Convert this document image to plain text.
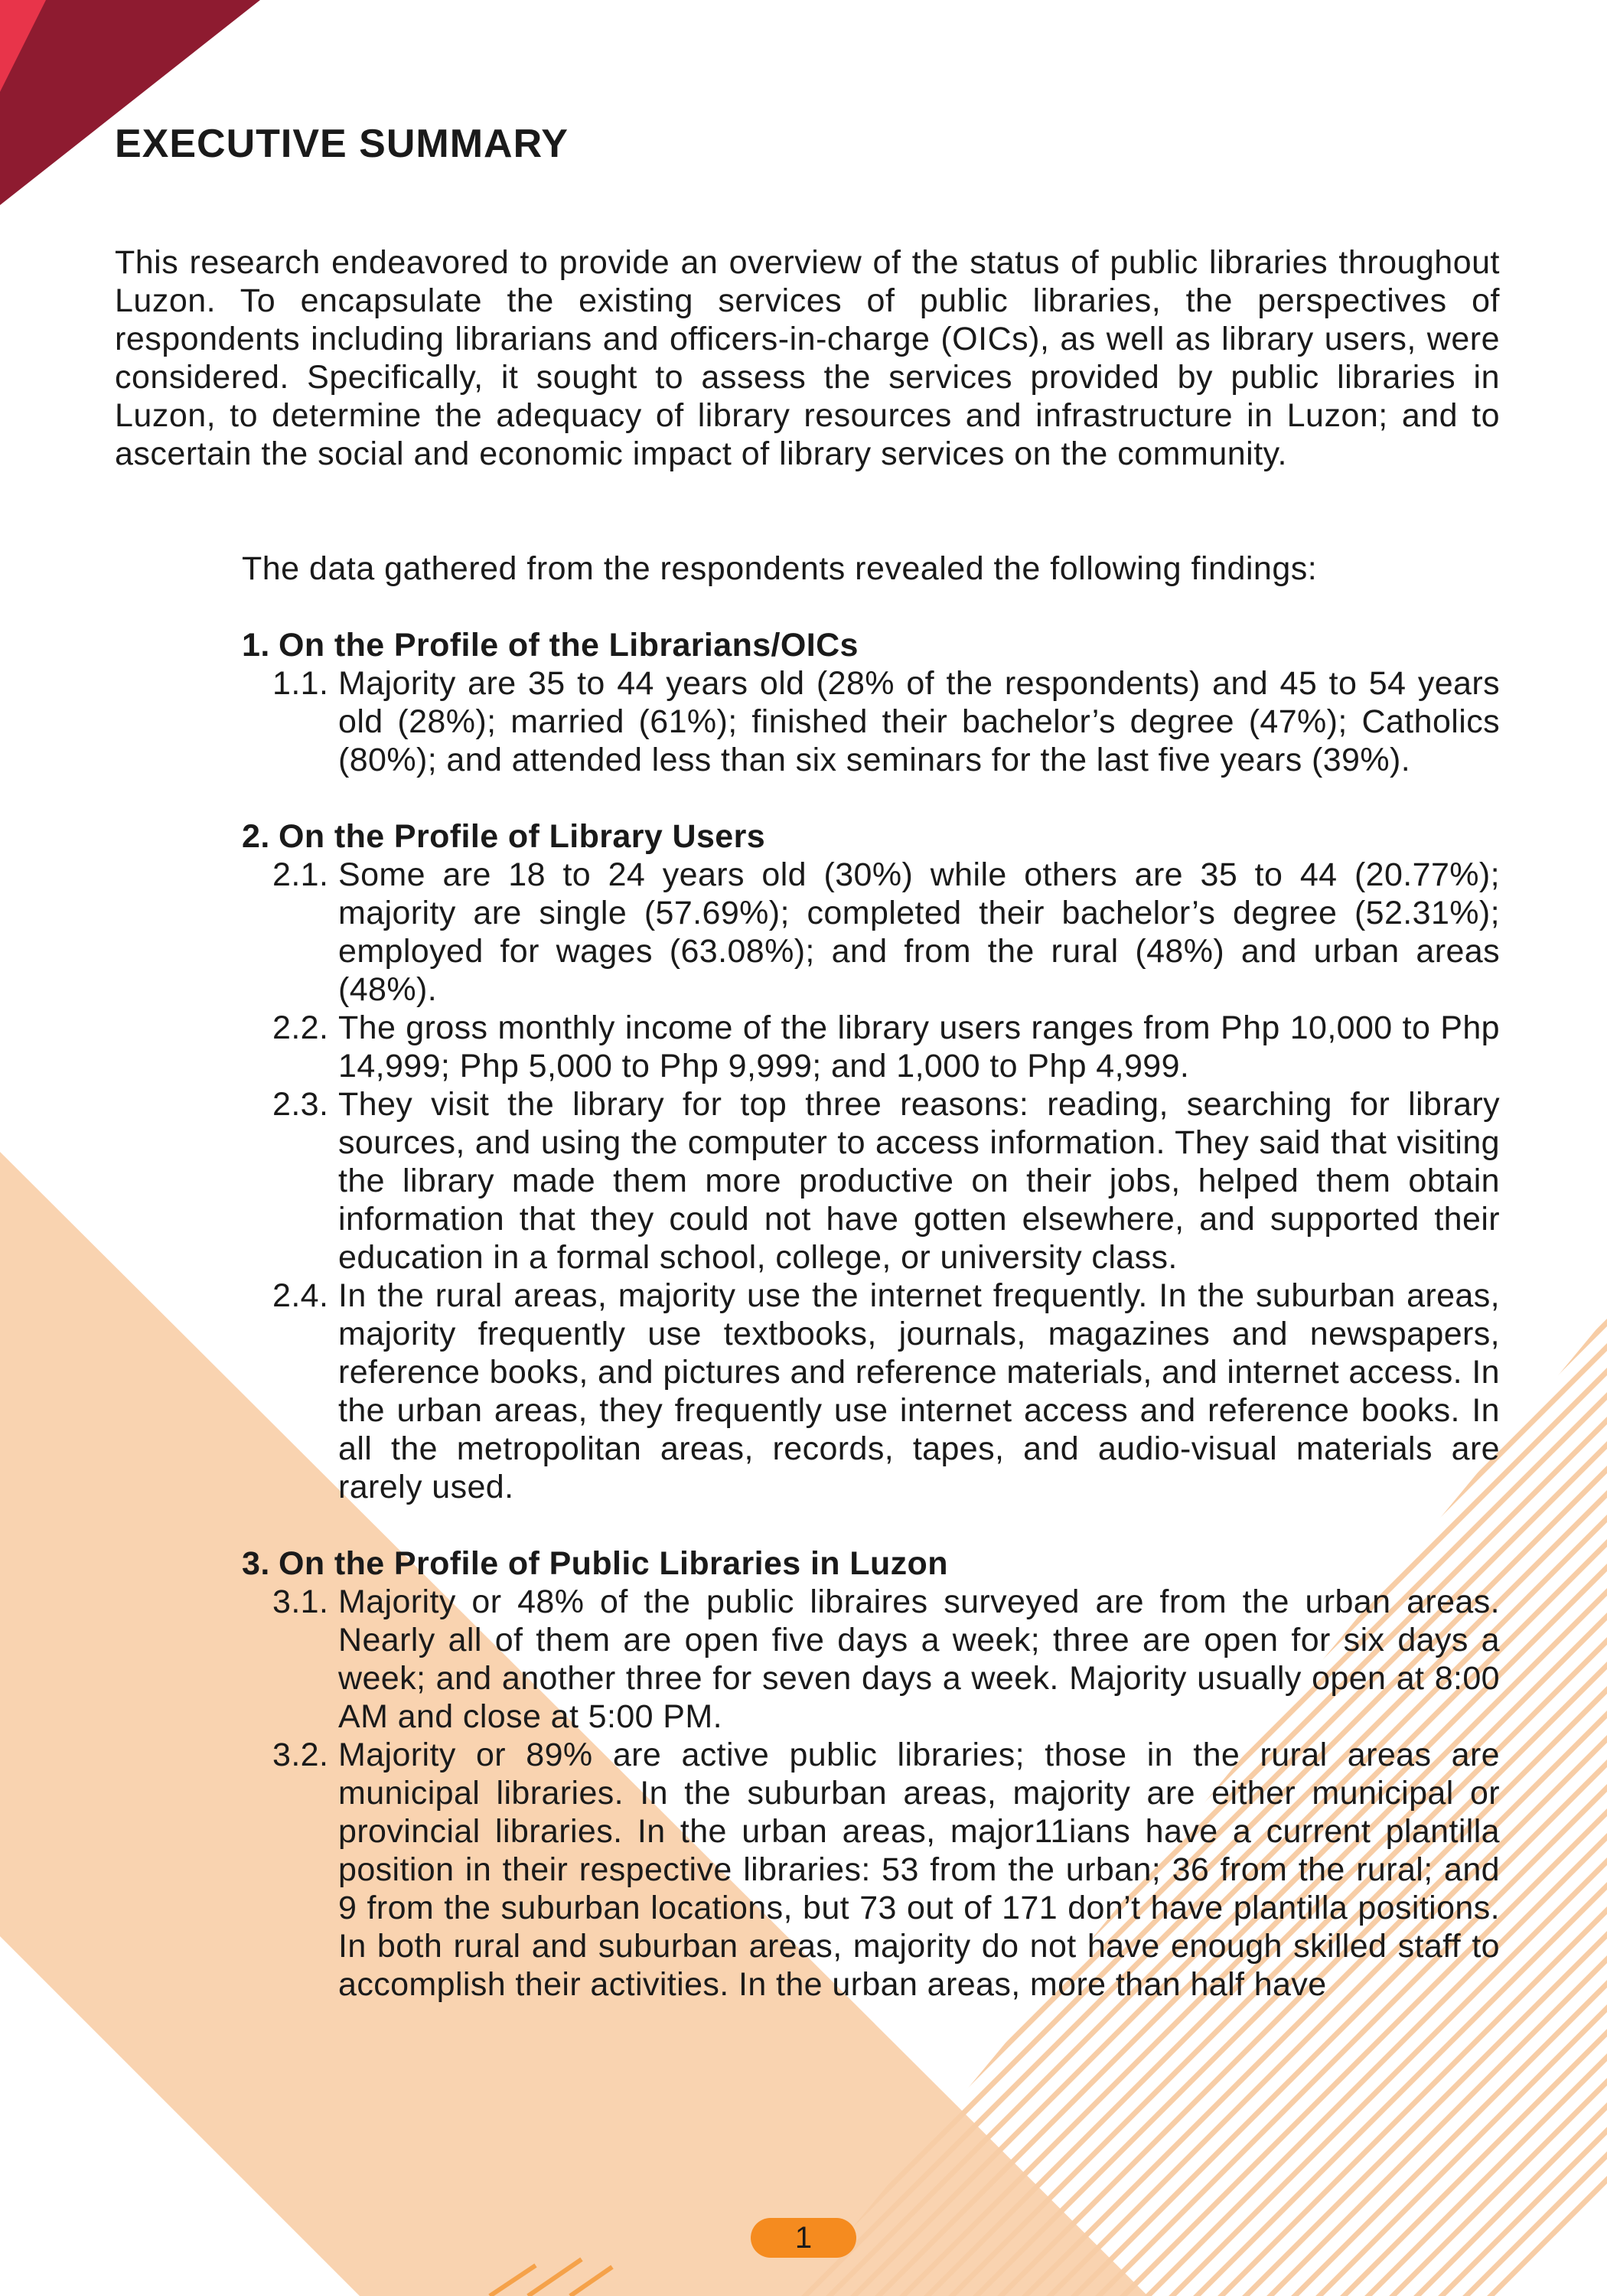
EXECUTIVE SUMMARY

This research endeavored to provide an overview of the status of public libraries throughout Luzon. To encapsulate the existing services of public libraries, the perspectives of respondents including librarians and officers-in-charge (OICs), as well as library users, were considered. Specifically, it sought to assess the services provided by public libraries in Luzon, to determine the adequacy of library resources and infrastructure in Luzon; and to ascertain the social and economic impact of library services on the community.

The data gathered from the respondents revealed the following findings:

1. On the Profile of the Librarians/OICs

1.1. Majority are 35 to 44 years old (28% of the respondents) and 45 to 54 years old (28%); married (61%); finished their bachelor’s degree (47%); Catholics (80%); and attended less than six seminars for the last five years (39%).

2. On the Profile of Library Users

2.1. Some are 18 to 24 years old (30%) while others are 35 to 44 (20.77%); majority are single (57.69%); completed their bachelor’s degree (52.31%); employed for wages (63.08%); and from the rural (48%) and urban areas (48%).
2.2. The gross monthly income of the library users ranges from Php 10,000 to Php 14,999; Php 5,000 to Php 9,999; and 1,000 to Php 4,999.
2.3. They visit the library for top three reasons: reading, searching for library sources, and using the computer to access information. They said that visiting the library made them more productive on their jobs, helped them obtain information that they could not have gotten elsewhere, and supported their education in a formal school, college, or university class.
2.4. In the rural areas, majority use the internet frequently. In the suburban areas, majority frequently use textbooks, journals, magazines and newspapers, reference books, and pictures and reference materials, and internet access. In the urban areas, they frequently use internet access and reference books. In all the metropolitan areas, records, tapes, and audio-visual materials are rarely used.

3. On the Profile of Public Libraries in Luzon

3.1. Majority or 48% of the public libraires surveyed are from the urban areas. Nearly all of them are open five days a week; three are open for six days a week; and another three for seven days a week. Majority usually open at 8:00 AM and close at 5:00 PM.
3.2. Majority or 89% are active public libraries; those in the rural areas are municipal libraries. In the suburban areas, majority are either municipal or provincial libraries. In the urban areas, major11ians have a current plantilla position in their respective libraries: 53 from the urban; 36 from the rural; and 9 from the suburban locations, but 73 out of 171 don’t have plantilla positions. In both rural and suburban areas, majority do not have enough skilled staff to accomplish their activities. In the urban areas, more than half have
1
